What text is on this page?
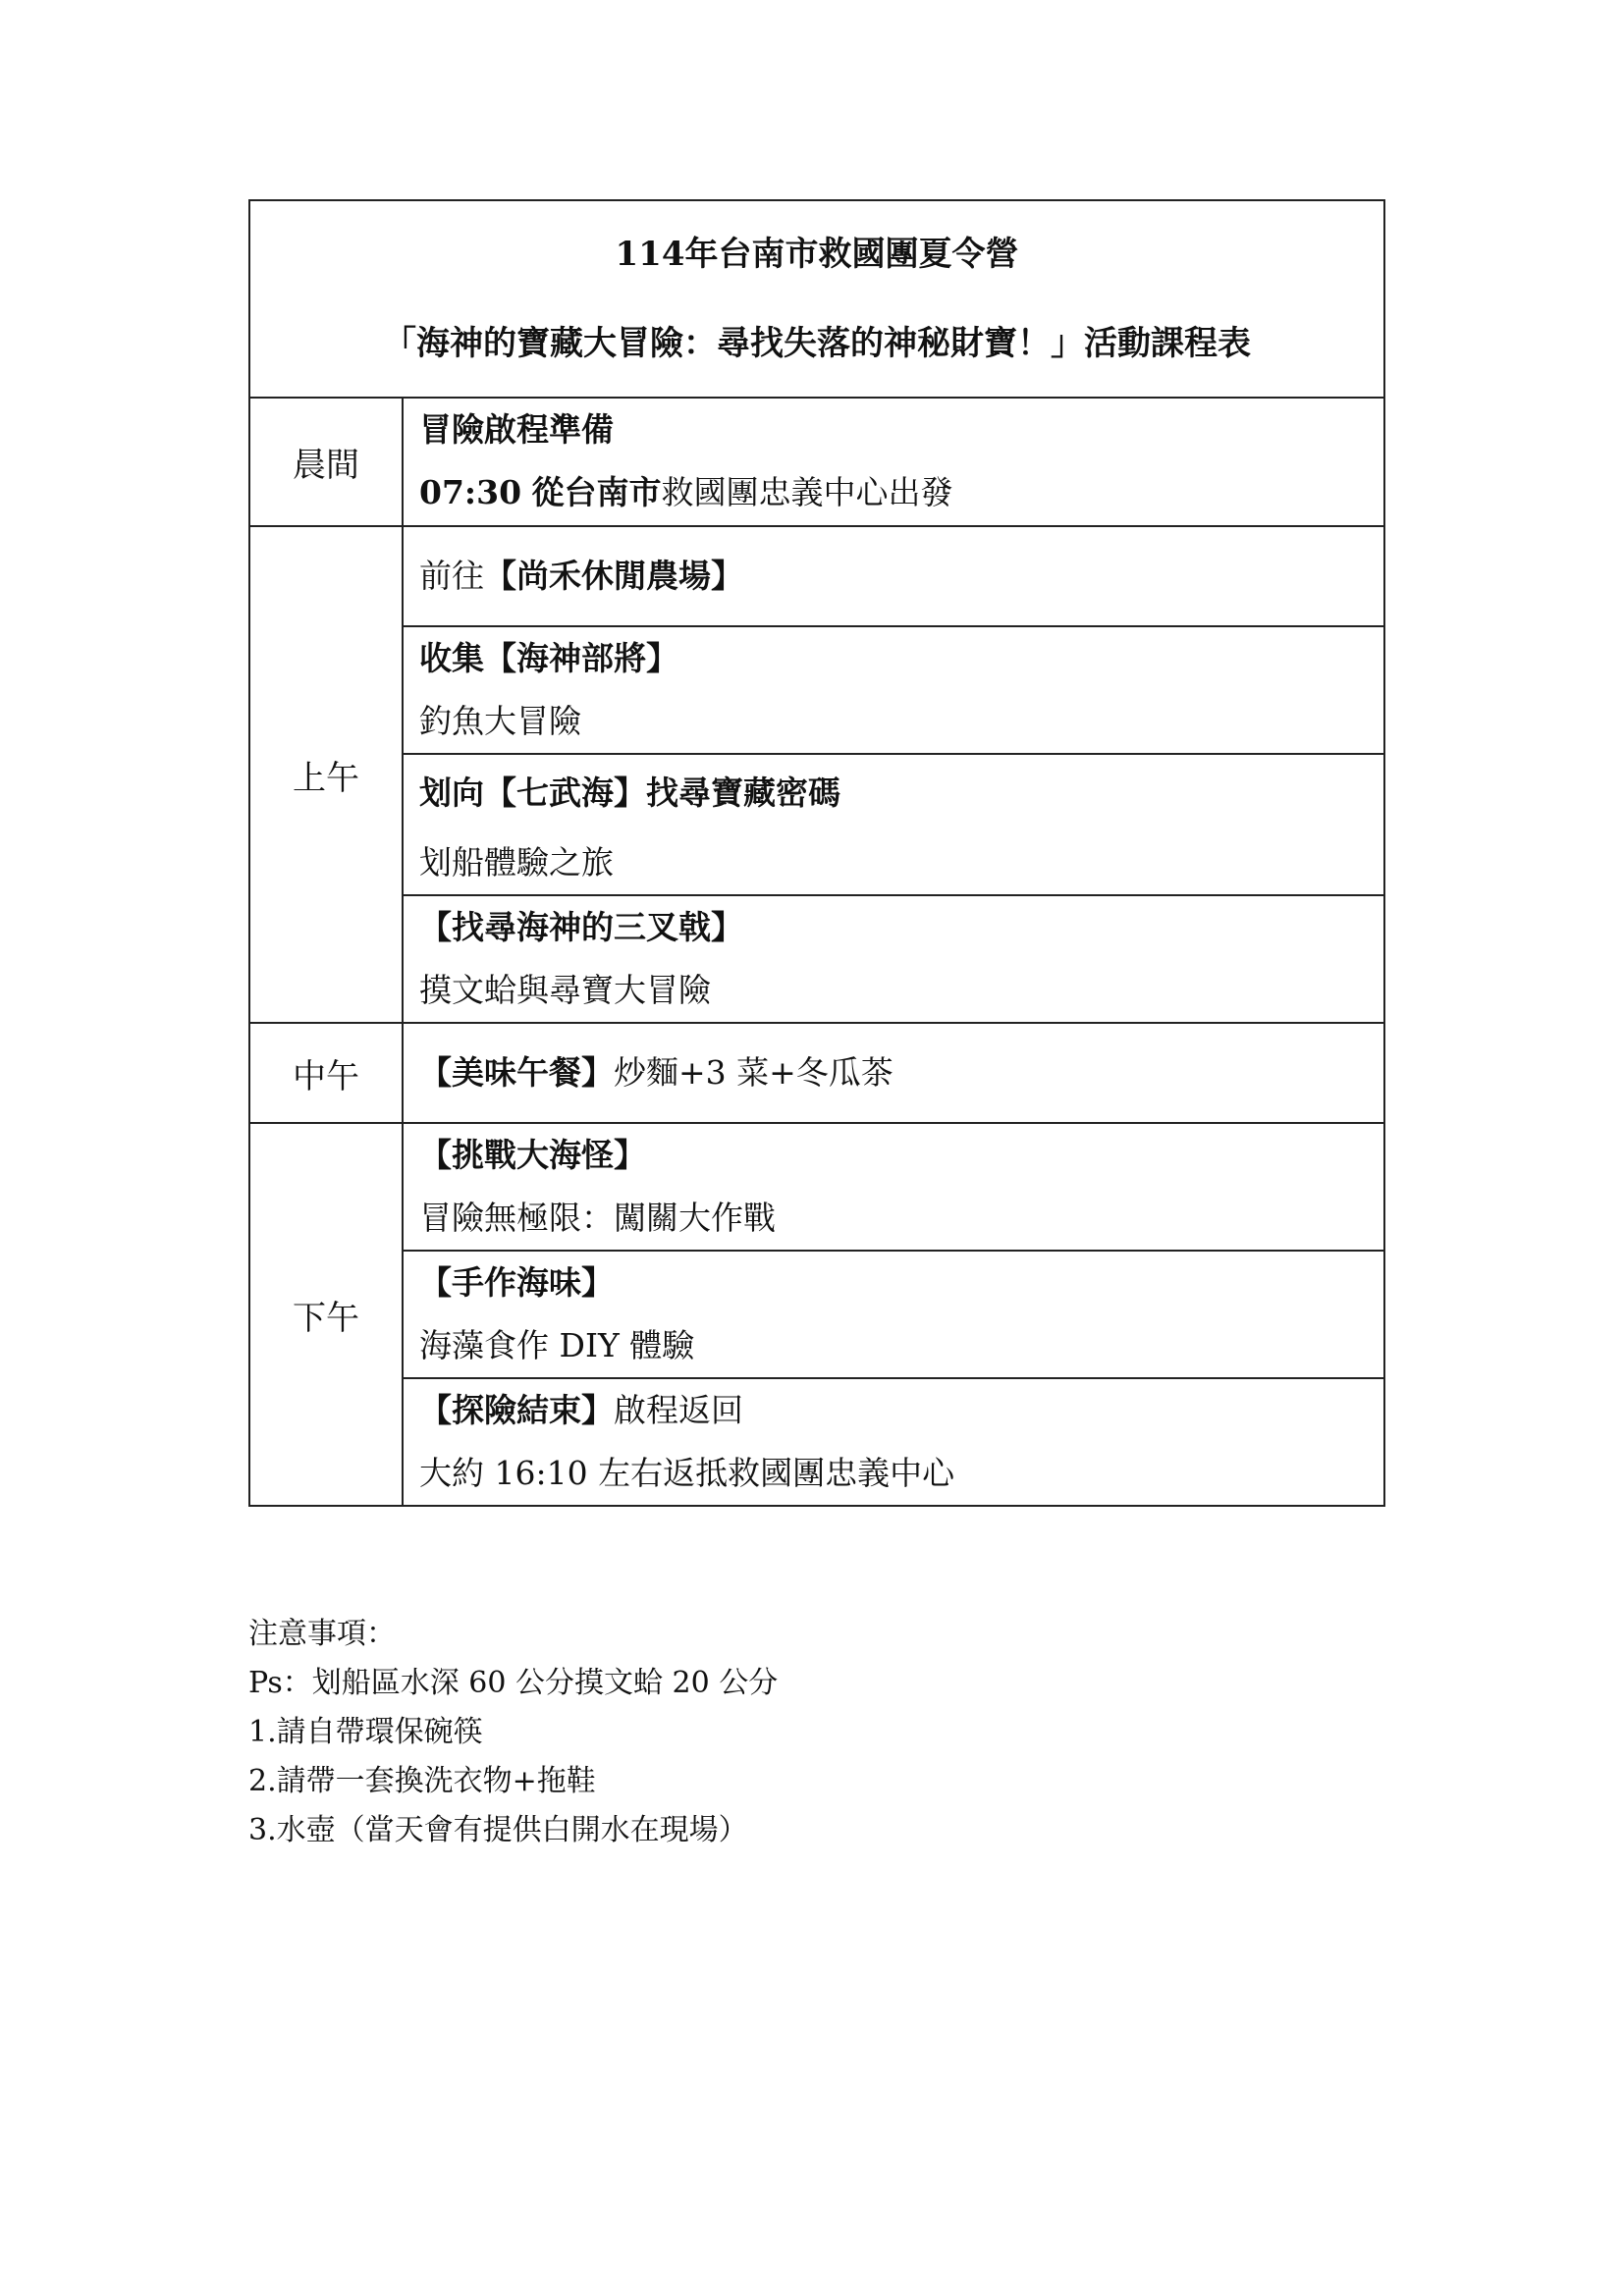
114年台南市救國團夏令營
「海神的寶藏大冒險：尋找失落的神秘財寶！」活動課程表	

晨間	冒險啟程準備
07:30 從台南市救國團忠義中心出發

上午	前往【尚禾休閒農場】

	收集【海神部將】
釣魚大冒險

	划向【七武海】找尋寶藏密碼
划船體驗之旅

	【找尋海神的三叉戟】
摸文蛤與尋寶大冒險

中午	【美味午餐】炒麵+3 菜+冬瓜茶

下午	【挑戰大海怪】
冒險無極限：闖關大作戰

	【手作海味】
海藻食作 DIY 體驗

	【探險結束】啟程返回
大約 16:10 左右返抵救國團忠義中心
注意事項：
Ps：划船區水深 60 公分摸文蛤 20 公分
1.請自帶環保碗筷
2.請帶一套換洗衣物+拖鞋
3.水壺（當天會有提供白開水在現場）
